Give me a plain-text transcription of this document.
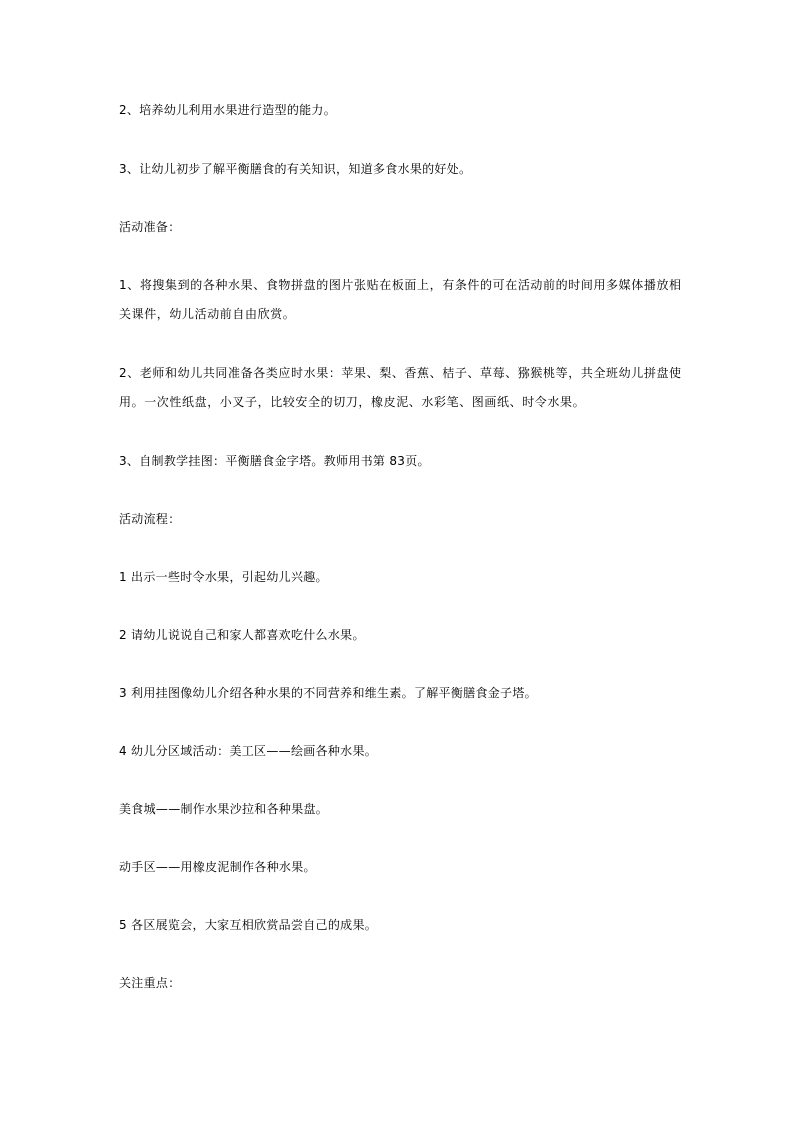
2、培养幼儿利用水果进行造型的能力。
3、让幼儿初步了解平衡膳食的有关知识，知道多食水果的好处。
活动准备：
1、将搜集到的各种水果、食物拼盘的图片张贴在板面上，有条件的可在活动前的时间用多媒体播放相关课件，幼儿活动前自由欣赏。
2、老师和幼儿共同准备各类应时水果：苹果、梨、香蕉、桔子、草莓、猕猴桃等，共全班幼儿拼盘使用。一次性纸盘，小叉子，比较安全的切刀，橡皮泥、水彩笔、图画纸、时令水果。
3、自制教学挂图：平衡膳食金字塔。教师用书第 83页。
活动流程：
1 出示一些时令水果，引起幼儿兴趣。
2 请幼儿说说自己和家人都喜欢吃什么水果。
3 利用挂图像幼儿介绍各种水果的不同营养和维生素。了解平衡膳食金子塔。
4 幼儿分区域活动：美工区——绘画各种水果。
美食城——制作水果沙拉和各种果盘。
动手区——用橡皮泥制作各种水果。
5 各区展览会，大家互相欣赏品尝自己的成果。
关注重点：
